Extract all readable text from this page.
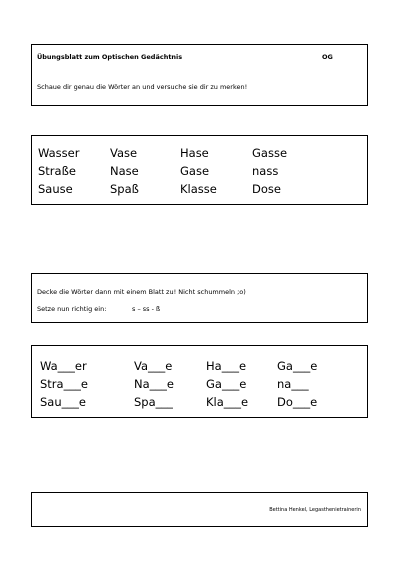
Übungsblatt zum Optischen Gedächtnis	OG
Schaue dir genau die Wörter an und versuche sie dir zu merken!
Wasser	Vase	Hase	Gasse
Straße	Nase	Gase	nass
Sause	Spaß	Klasse	Dose
Decke die Wörter dann mit einem Blatt zu! Nicht schummeln ;o)
Setze nun richtig ein:	s – ss - ß
Wa___er	Va___e	Ha___e	Ga___e
Stra___e	Na___e	Ga___e	na___
Sau___e	Spa___	Kla___e	Do___e
Bettina Henkel, Legasthenietrainerin
